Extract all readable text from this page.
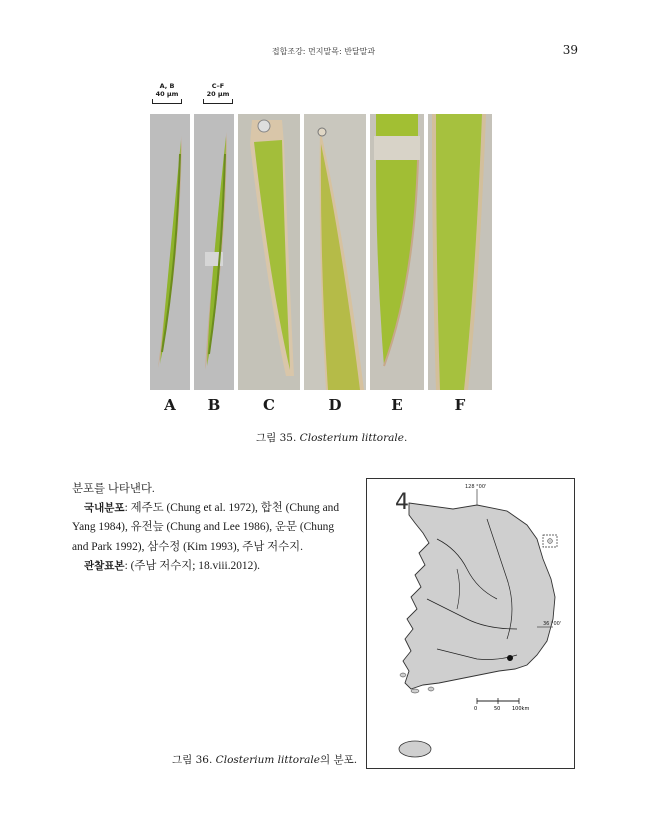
접합조강: 먼지말목: 반달말과	39
A, B
40 μm
C–F
20 μm
A	B	C	D	E	F
그림 35. Closterium littorale.

분포를 나타낸다.

국내분포: 제주도 (Chung et al. 1972), 합천 (Chung and Yang 1984), 유전늪 (Chung and Lee 1986), 운문 (Chung and Park 1992), 삼수정 (Kim 1993), 주남 저수지.

관찰표본: (주남 저수지; 18.viii.2012).

128 °00'
4
36 °00'
0	50 100km
그림 36. Closterium littorale의 분포.
